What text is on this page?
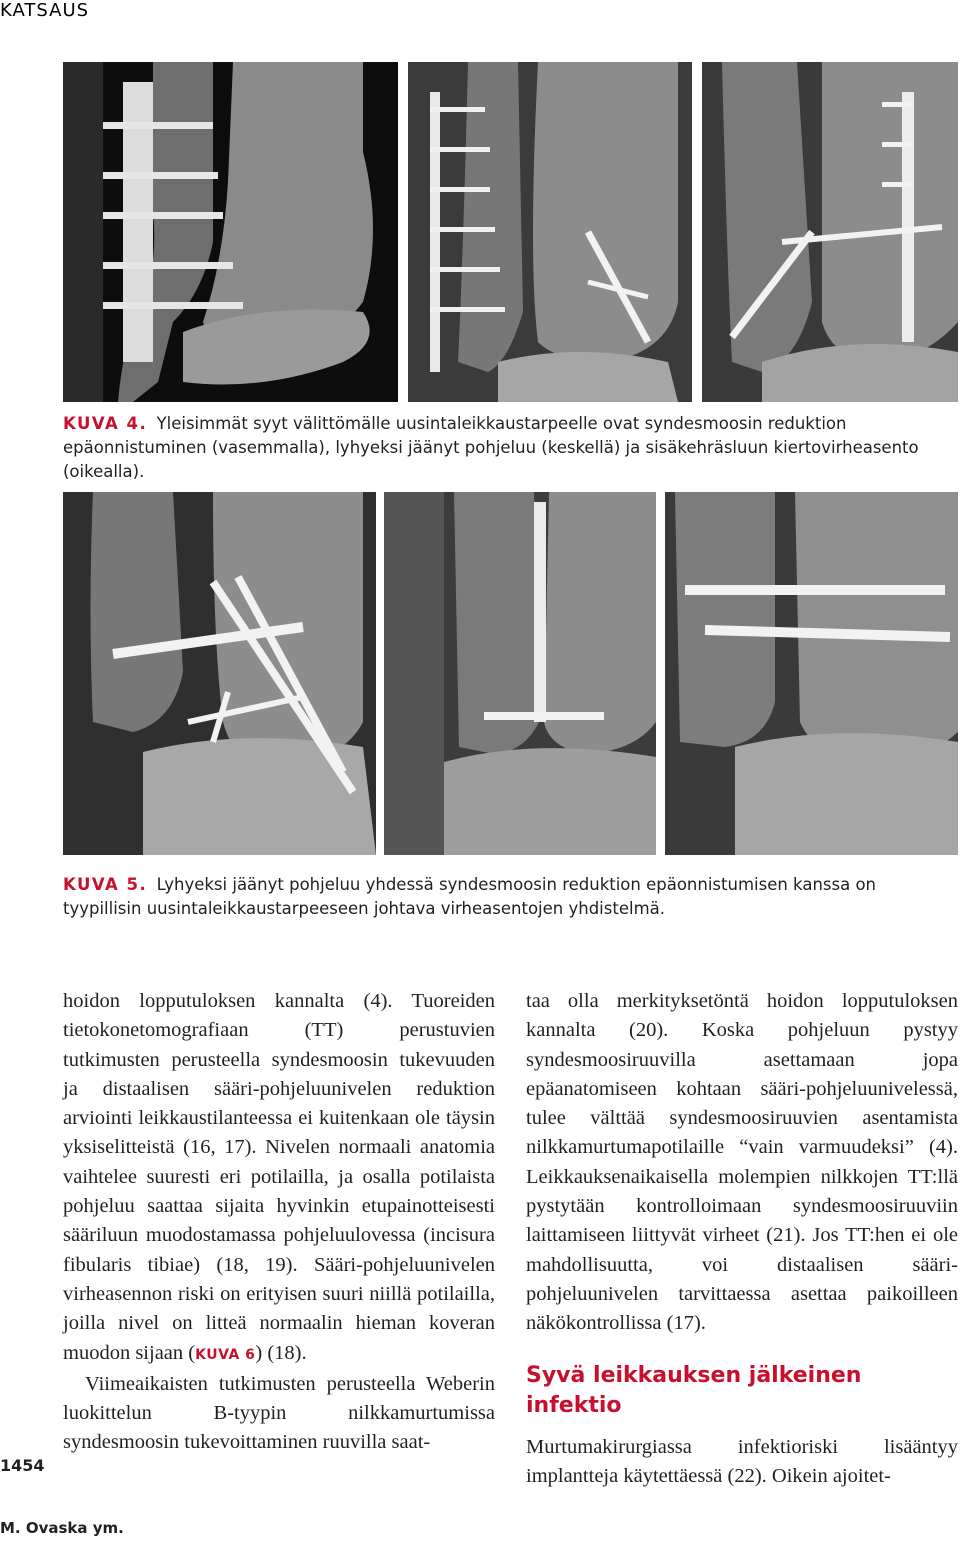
KATSAUS
KUVA 4. Yleisimmät syyt välittömälle uusintaleikkaustarpeelle ovat syndesmoosin reduktion epäonnistuminen (vasemmalla), lyhyeksi jäänyt pohjeluu (keskellä) ja sisäkehräsluun kiertovirheasento (oikealla).
KUVA 5. Lyhyeksi jäänyt pohjeluu yhdessä syndesmoosin reduktion epäonnistumisen kanssa on tyypillisin uusintaleikkaustarpeeseen johtava virheasentojen yhdistelmä.

hoidon lopputuloksen kannalta (4). Tuoreiden tietokonetomografiaan (TT) perustuvien tutkimusten perusteella syndesmoosin tukevuuden ja distaalisen sääri-pohjeluunivelen reduktion arviointi leikkaustilanteessa ei kuitenkaan ole täysin yksiselitteistä (16, 17). Nivelen normaali anatomia vaihtelee suuresti eri potilailla, ja osalla potilaista pohjeluu saattaa sijaita hyvinkin etupainotteisesti sääriluun muodostamassa pohjeluulovessa (incisura fibularis tibiae) (18, 19). Sääri-pohjeluunivelen virheasennon riski on erityisen suuri niillä potilailla, joilla nivel on litteä normaalin hieman koveran muodon sijaan (KUVA 6) (18).

Viimeaikaisten tutkimusten perusteella Weberin luokittelun B-tyypin nilkkamurtumissa syndesmoosin tukevoittaminen ruuvilla saat-

taa olla merkityksetöntä hoidon lopputuloksen kannalta (20). Koska pohjeluun pystyy syndesmoosiruuvilla asettamaan jopa epäanatomiseen kohtaan sääri-pohjeluunivelessä, tulee välttää syndesmoosiruuvien asentamista nilkkamurtumapotilaille “vain varmuudeksi” (4). Leikkauksenaikaisella molempien nilkkojen TT:llä pystytään kontrolloimaan syndesmoosiruuviin laittamiseen liittyvät virheet (21). Jos TT:hen ei ole mahdollisuutta, voi distaalisen sääri-pohjeluunivelen tarvittaessa asettaa paikoilleen näkökontrollissa (17).

Syvä leikkauksen jälkeinen infektio

Murtumakirurgiassa infektioriski lisääntyy implantteja käytettäessä (22). Oikein ajoitet-

1454
M. Ovaska ym.
